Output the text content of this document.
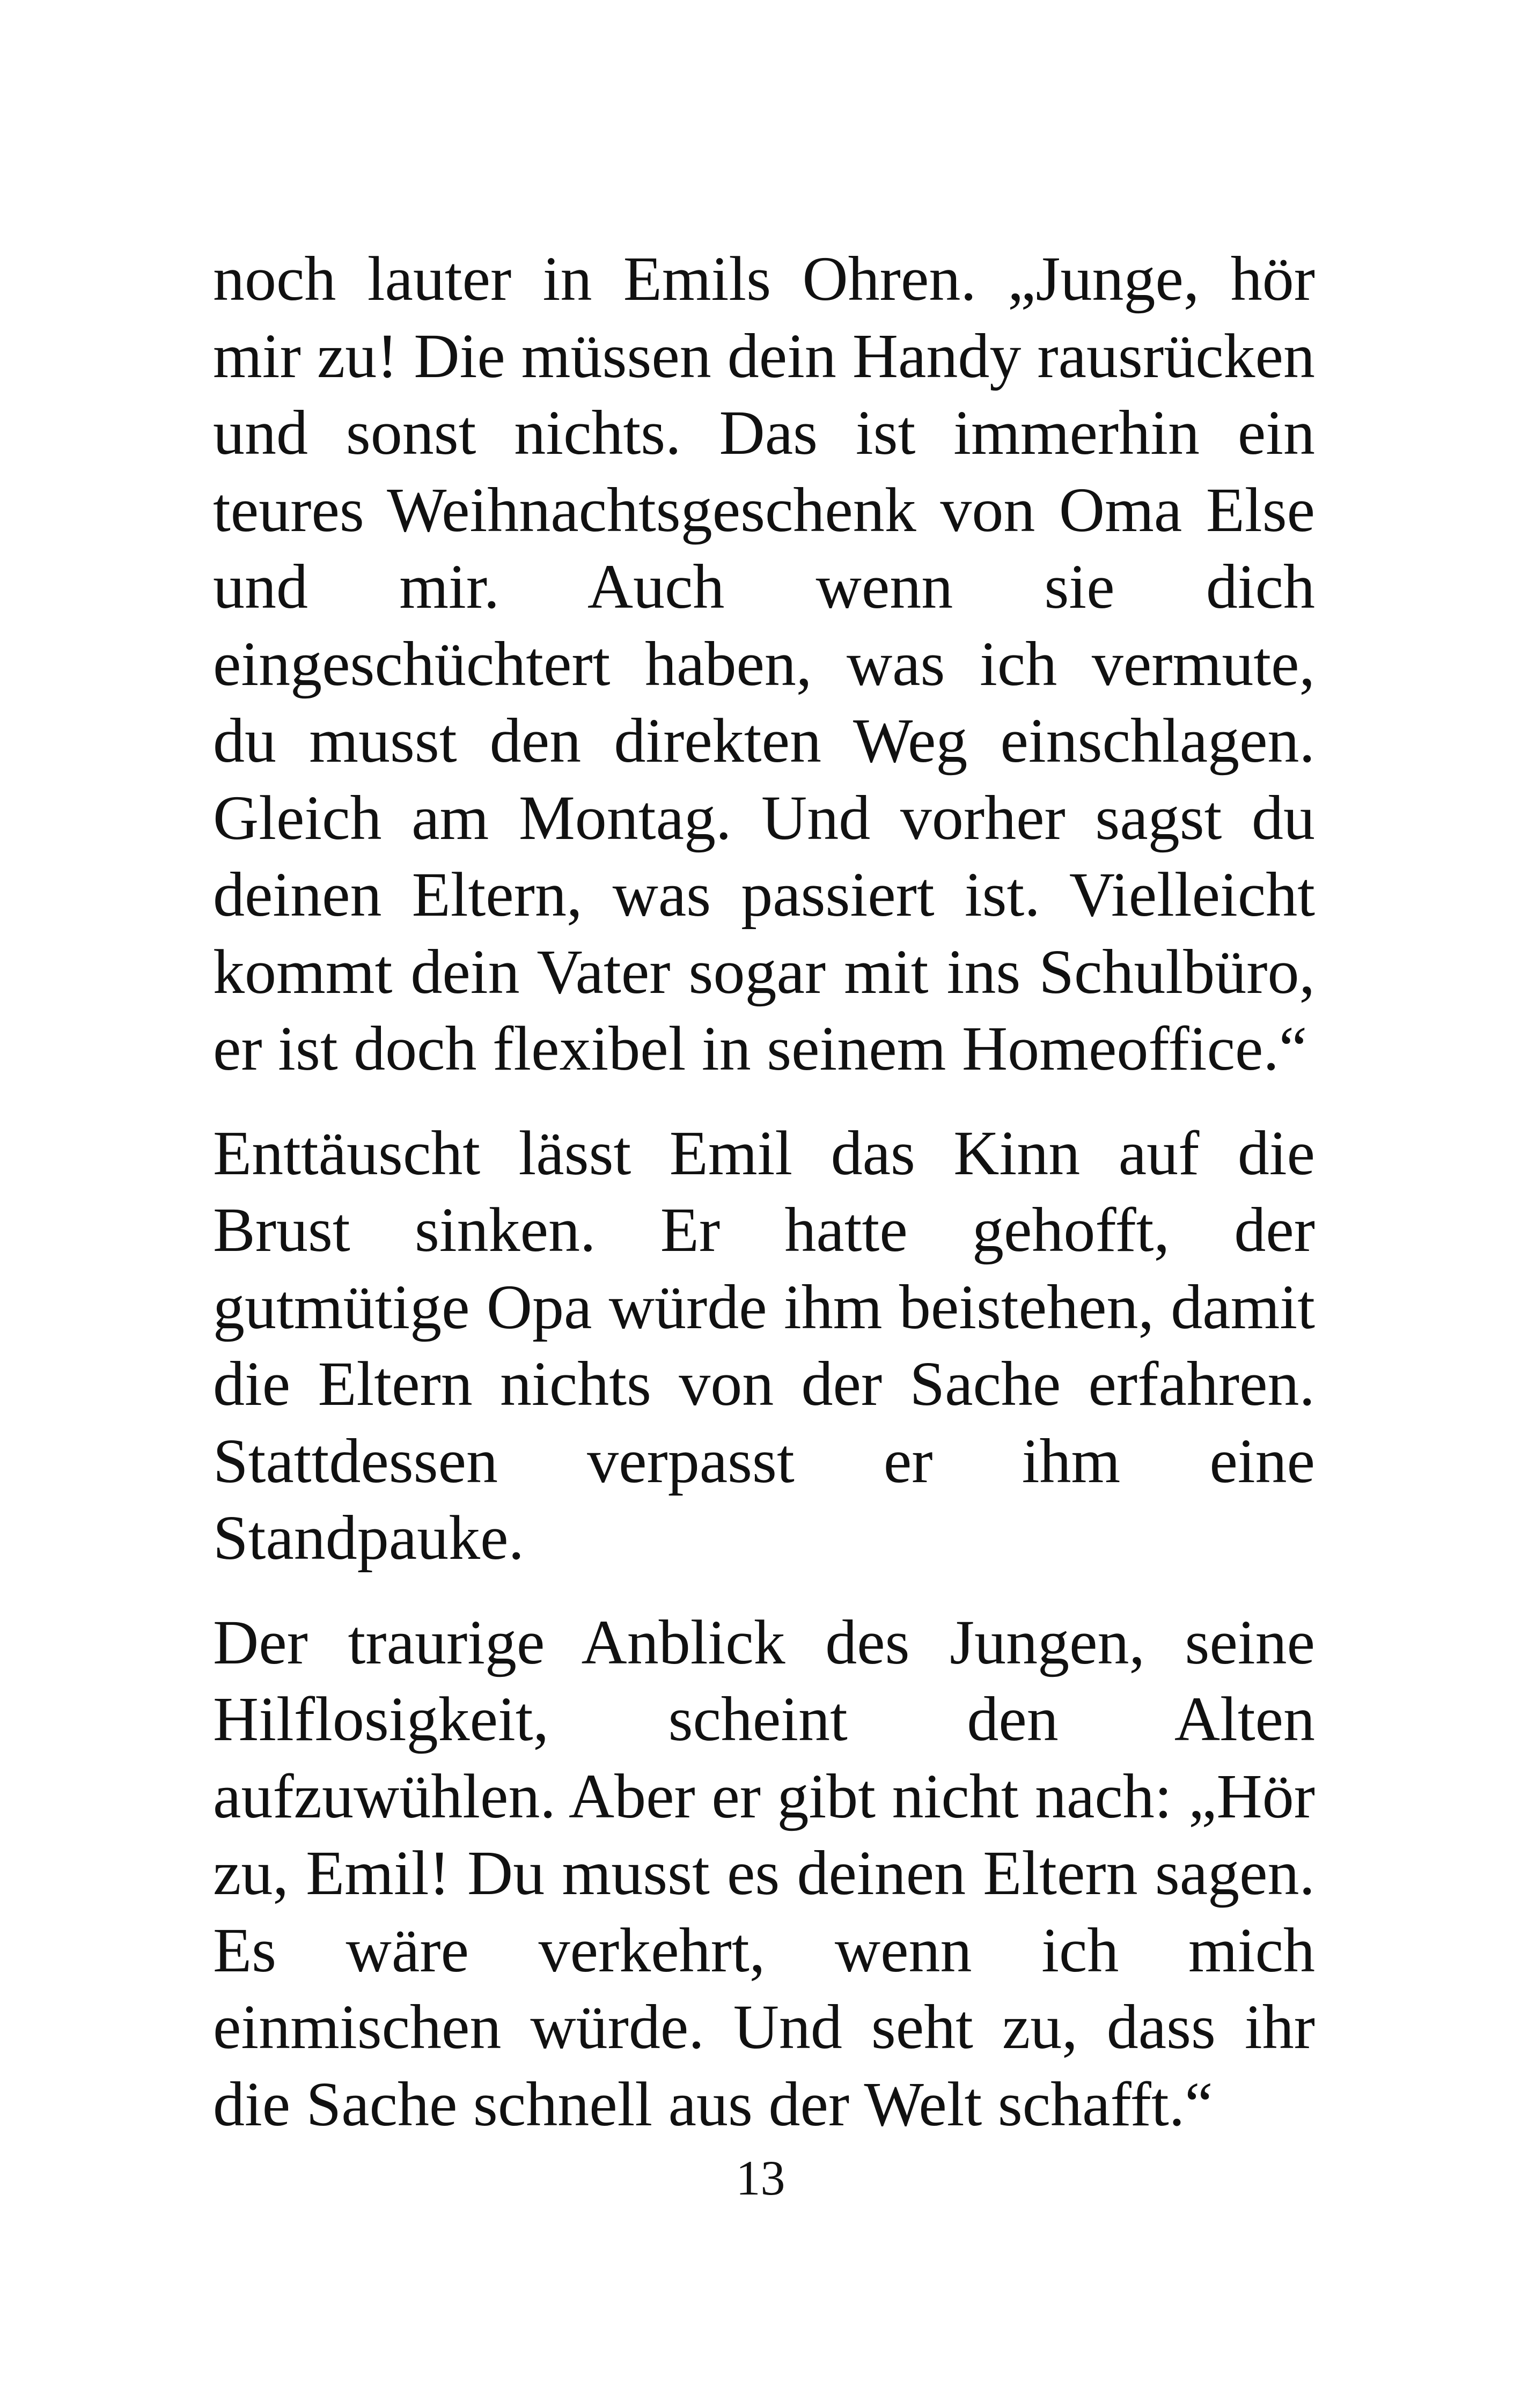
noch lauter in Emils Ohren. „Junge, hör mir zu! Die müssen dein Handy rausrücken und sonst nichts. Das ist immerhin ein teures Weihnachtsgeschenk von Oma Else und mir. Auch wenn sie dich eingeschüchtert haben, was ich vermute, du musst den direkten Weg einschlagen. Gleich am Montag. Und vorher sagst du deinen Eltern, was passiert ist. Vielleicht kommt dein Vater sogar mit ins Schulbüro, er ist doch flexibel in seinem Homeoffice.“

Enttäuscht lässt Emil das Kinn auf die Brust sinken. Er hatte gehofft, der gutmütige Opa würde ihm beistehen, damit die Eltern nichts von der Sache erfahren. Stattdessen verpasst er ihm eine Standpauke.

Der traurige Anblick des Jungen, seine Hilflosigkeit, scheint den Alten aufzuwühlen. Aber er gibt nicht nach: „Hör zu, Emil! Du musst es deinen Eltern sagen. Es wäre verkehrt, wenn ich mich einmischen würde. Und seht zu, dass ihr die Sache schnell aus der Welt schafft.“

13
